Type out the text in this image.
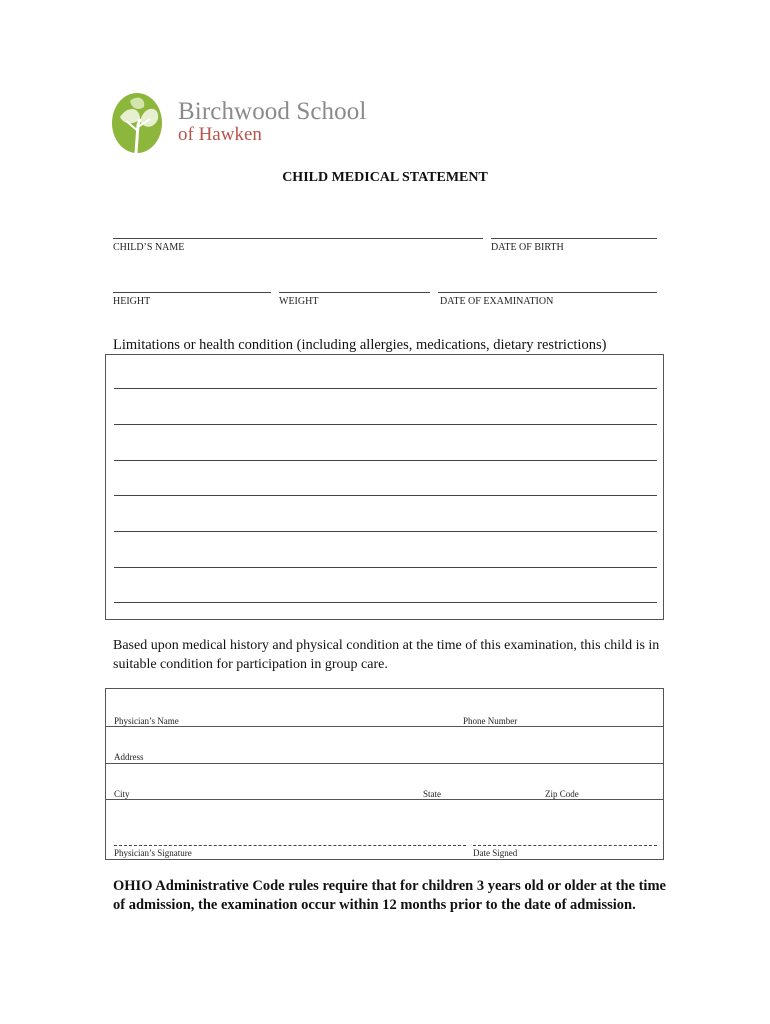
Birchwood School
of Hawken
CHILD MEDICAL STATEMENT
CHILD’S NAME	DATE OF BIRTH
HEIGHT	WEIGHT	DATE OF EXAMINATION
Limitations or health condition (including allergies, medications, dietary restrictions)
Based upon medical history and physical condition at the time of this examination, this child is in suitable condition for participation in group care.
Physician’s Name	Phone Number
Address
City	State	Zip Code
Physician’s Signature	Date Signed
OHIO Administrative Code rules require that for children 3 years old or older at the time of admission, the examination occur within 12 months prior to the date of admission.
